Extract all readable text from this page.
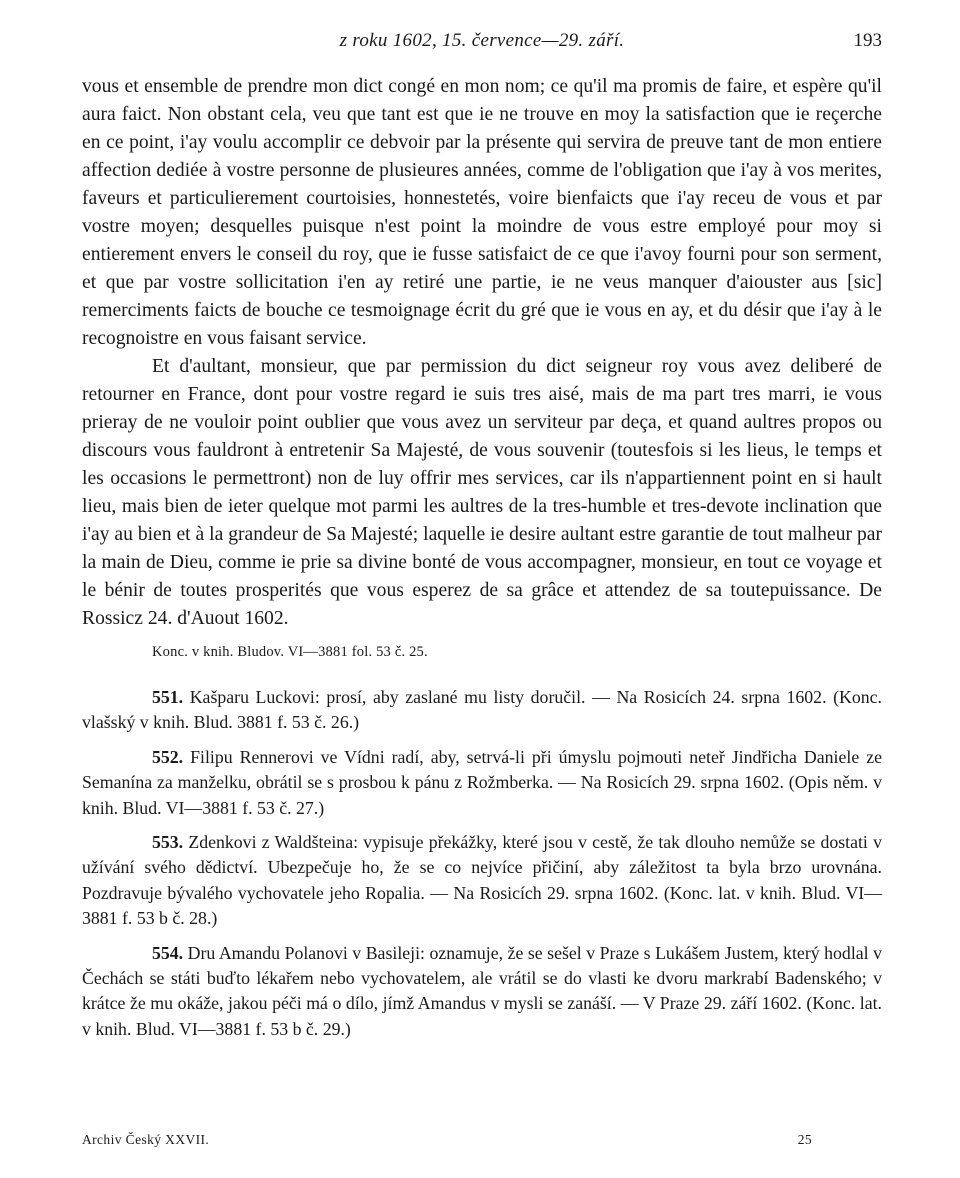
z roku 1602, 15. července—29. září.	193

vous et ensemble de prendre mon dict congé en mon nom; ce qu'il ma promis de faire, et espère qu'il aura faict. Non obstant cela, veu que tant est que ie ne trouve en moy la satisfaction que ie reçerche en ce point, i'ay voulu accomplir ce debvoir par la présente qui servira de preuve tant de mon entiere affection dediée à vostre personne de plusieures années, comme de l'obligation que i'ay à vos merites, faveurs et particulierement courtoisies, honnestetés, voire bienfaicts que i'ay receu de vous et par vostre moyen; desquelles puisque n'est point la moindre de vous estre employé pour moy si entierement envers le conseil du roy, que ie fusse satisfaict de ce que i'avoy fourni pour son serment, et que par vostre sollicitation i'en ay retiré une partie, ie ne veus manquer d'aiouster aus [sic] remerciments faicts de bouche ce tesmoignage écrit du gré que ie vous en ay, et du désir que i'ay à le recognoistre en vous faisant service.

Et d'aultant, monsieur, que par permission du dict seigneur roy vous avez deliberé de retourner en France, dont pour vostre regard ie suis tres aisé, mais de ma part tres marri, ie vous prieray de ne vouloir point oublier que vous avez un serviteur par deça, et quand aultres propos ou discours vous fauldront à entretenir Sa Majesté, de vous souvenir (toutesfois si les lieus, le temps et les occasions le permettront) non de luy offrir mes services, car ils n'appartiennent point en si hault lieu, mais bien de ieter quelque mot parmi les aultres de la tres-humble et tres-devote inclination que i'ay au bien et à la grandeur de Sa Majesté; laquelle ie desire aultant estre garantie de tout malheur par la main de Dieu, comme ie prie sa divine bonté de vous accompagner, monsieur, en tout ce voyage et le bénir de toutes prosperités que vous esperez de sa grâce et attendez de sa toutepuissance. De Rossicz 24. d'Auout 1602.

Konc. v knih. Bludov. VI—3881 fol. 53 č. 25.

551. Kašparu Luckovi: prosí, aby zaslané mu listy doručil. — Na Rosicích 24. srpna 1602. (Konc. vlašský v knih. Blud. 3881 f. 53 č. 26.)

552. Filipu Rennerovi ve Vídni radí, aby, setrvá-li při úmyslu pojmouti neteř Jindřicha Daniele ze Semanína za manželku, obrátil se s prosbou k pánu z Rožmberka. — Na Rosicích 29. srpna 1602. (Opis něm. v knih. Blud. VI—3881 f. 53 č. 27.)

553. Zdenkovi z Waldšteina: vypisuje překážky, které jsou v cestě, že tak dlouho nemůže se dostati v užívání svého dědictví. Ubezpečuje ho, že se co nejvíce přičiní, aby záležitost ta byla brzo urovnána. Pozdravuje bývalého vychovatele jeho Ropalia. — Na Rosicích 29. srpna 1602. (Konc. lat. v knih. Blud. VI—3881 f. 53 b č. 28.)

554. Dru Amandu Polanovi v Basileji: oznamuje, že se sešel v Praze s Lukášem Justem, který hodlal v Čechách se státi buďto lékařem nebo vychovatelem, ale vrátil se do vlasti ke dvoru markrabí Badenského; v krátce že mu okáže, jakou péči má o dílo, jímž Amandus v mysli se zanáší. — V Praze 29. září 1602. (Konc. lat. v knih. Blud. VI—3881 f. 53 b č. 29.)

Archiv Český XXVII.	25
